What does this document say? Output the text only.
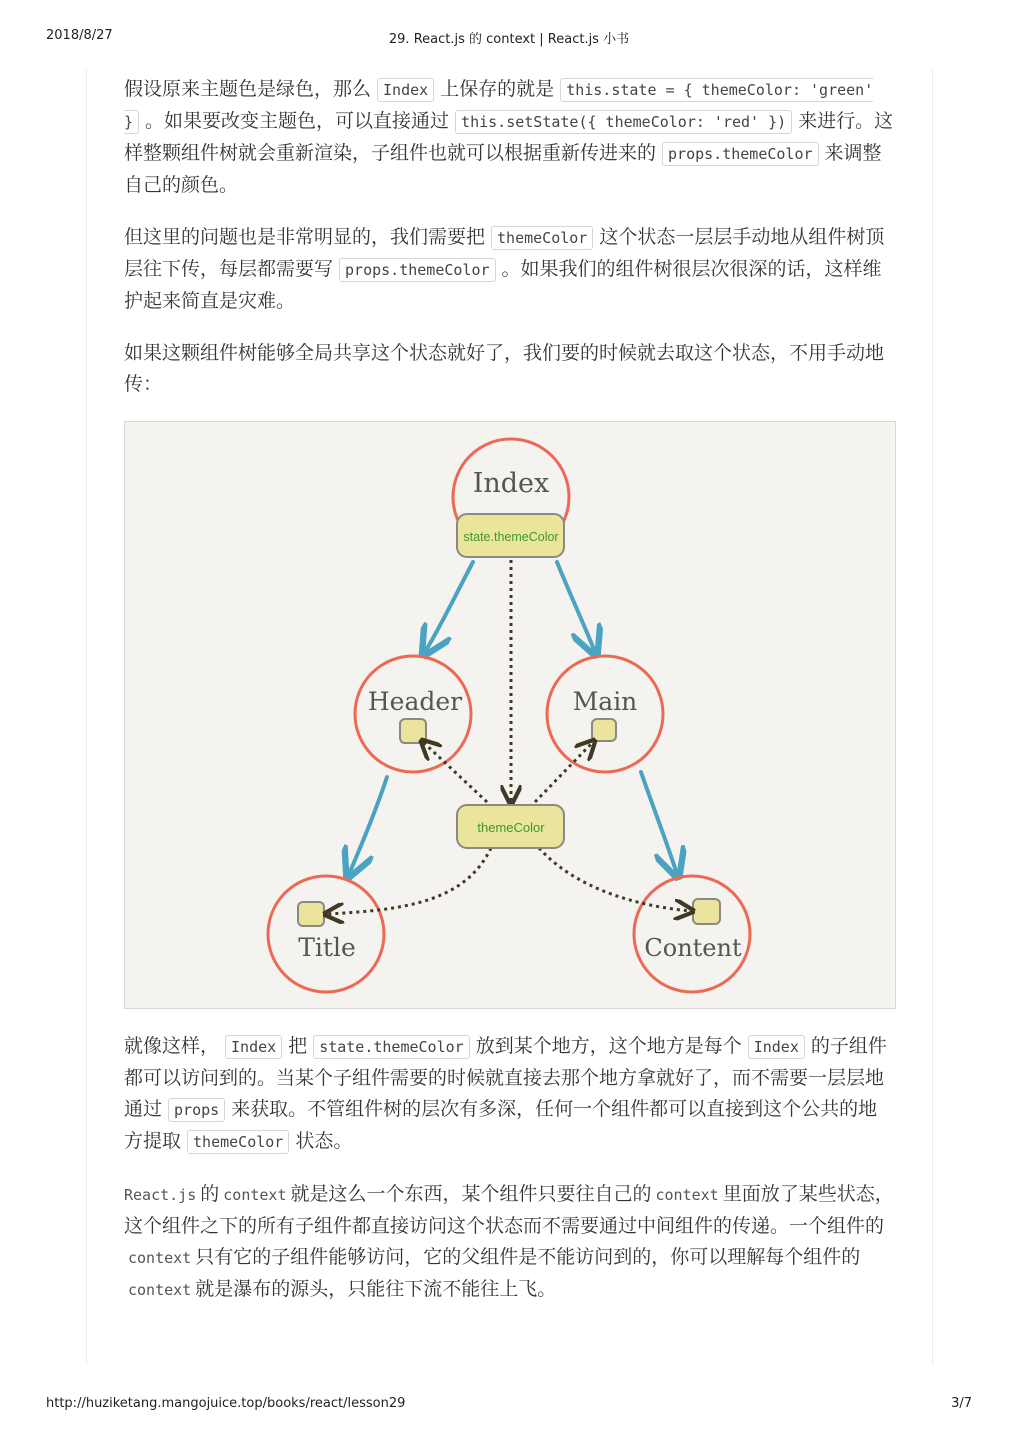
2018/8/27	29. React.js 的 context | React.js 小书

假设原来主题色是绿色，那么 Index 上保存的就是 this.state = { themeColor: 'green' } 。如果要改变主题色，可以直接通过 this.setState({ themeColor: 'red' }) 来进行。这样整颗组件树就会重新渲染，子组件也就可以根据重新传进来的 props.themeColor 来调整自己的颜色。

但这里的问题也是非常明显的，我们需要把 themeColor 这个状态一层层手动地从组件树顶层往下传，每层都需要写 props.themeColor 。如果我们的组件树很层次很深的话，这样维护起来简直是灾难。

如果这颗组件树能够全局共享这个状态就好了，我们要的时候就去取这个状态，不用手动地传：

Index
Header	Main
Title	Content
state.themeColor
themeColor

就像这样， Index 把 state.themeColor 放到某个地方，这个地方是每个 Index 的子组件都可以访问到的。当某个子组件需要的时候就直接去那个地方拿就好了，而不需要一层层地通过 props 来获取。不管组件树的层次有多深，任何一个组件都可以直接到这个公共的地方提取 themeColor 状态。

React.js 的 context 就是这么一个东西，某个组件只要往自己的 context 里面放了某些状态，这个组件之下的所有子组件都直接访问这个状态而不需要通过中间组件的传递。一个组件的context 只有它的子组件能够访问，它的父组件是不能访问到的，你可以理解每个组件的context 就是瀑布的源头，只能往下流不能往上飞。

http://huziketang.mangojuice.top/books/react/lesson29	3/7
